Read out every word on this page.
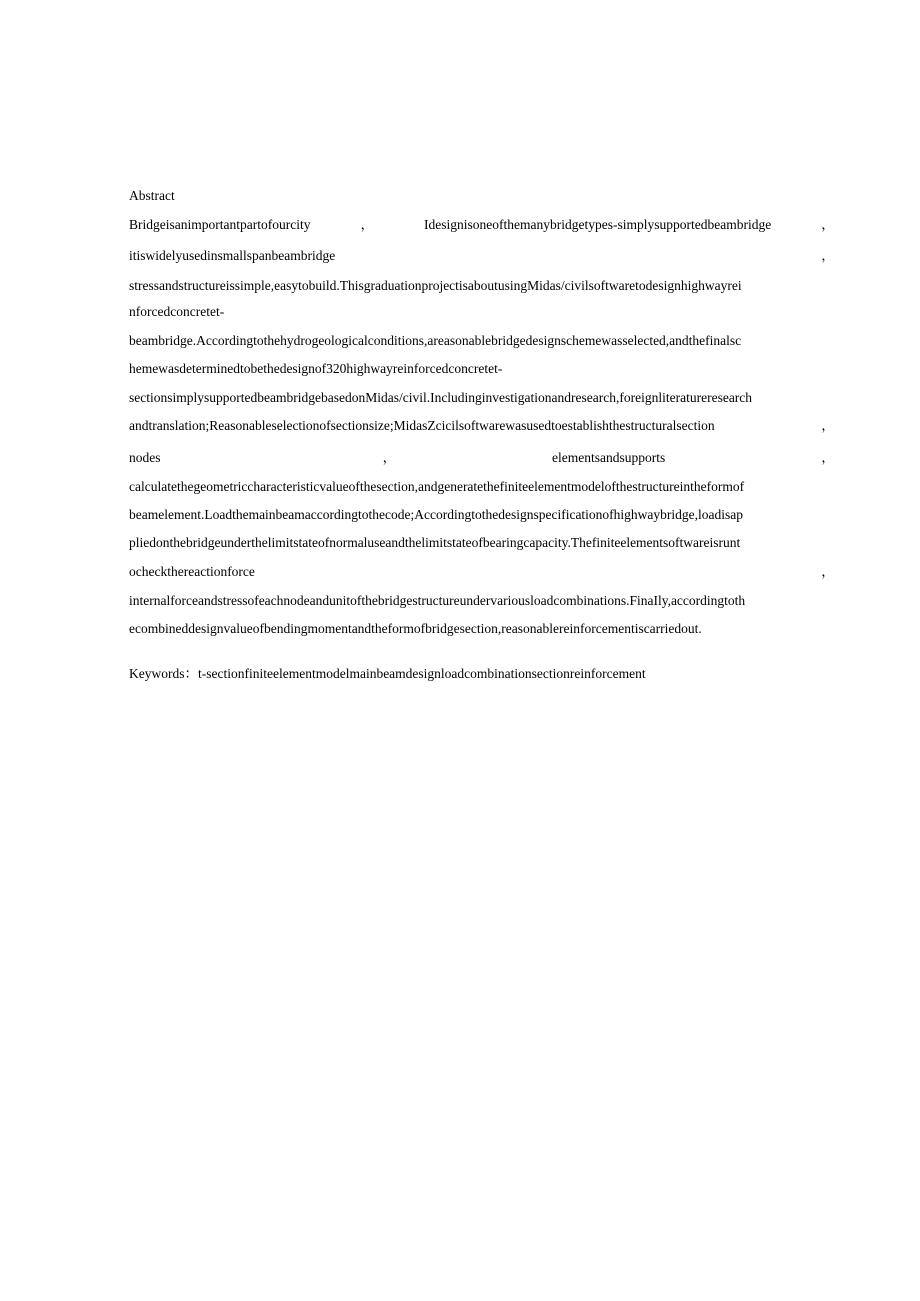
Abstract
Bridgeisanimportantpartofourcity	，	Idesignisoneofthemanybridgetypes-simplysupportedbeambridge	，
itiswidelyusedinsmallspanbeambridge	，
stressandstructureissimple,easytobuild.ThisgraduationprojectisaboutusingMidas/civilsoftwaretodesignhighwayrei
nforcedconcretet-
beambridge.Accordingtothehydrogeologicalconditions,areasonablebridgedesignschemewasselected,andthefinalsc
hemewasdeterminedtobethedesignof320highwayreinforcedconcretet-
sectionsimplysupportedbeambridgebasedonMidas/civil.Includinginvestigationandresearch,foreignliteratureresearch
andtranslation;Reasonableselectionofsectionsize;MidasZcicilsoftwarewasusedtoestablishthestructuralsection	，
nodes	，	elementsandsupports	，
calculatethegeometriccharacteristicvalueofthesection,andgeneratethefiniteelementmodelofthestructureintheformof
beamelement.Loadthemainbeamaccordingtothecode;Accordingtothedesignspecificationofhighwaybridge,loadisap
pliedonthebridgeunderthelimitstateofnormaluseandthelimitstateofbearingcapacity.Thefiniteelementsoftwareisrunt
ocheckthereactionforce	，
internalforceandstressofeachnodeandunitofthebridgestructureundervariousloadcombinations.FinaIly,accordingtoth
ecombineddesignvalueofbendingmomentandtheformofbridgesection,reasonablereinforcementiscarriedout.
Keywords：t-sectionfiniteelementmodelmainbeamdesignloadcombinationsectionreinforcement
